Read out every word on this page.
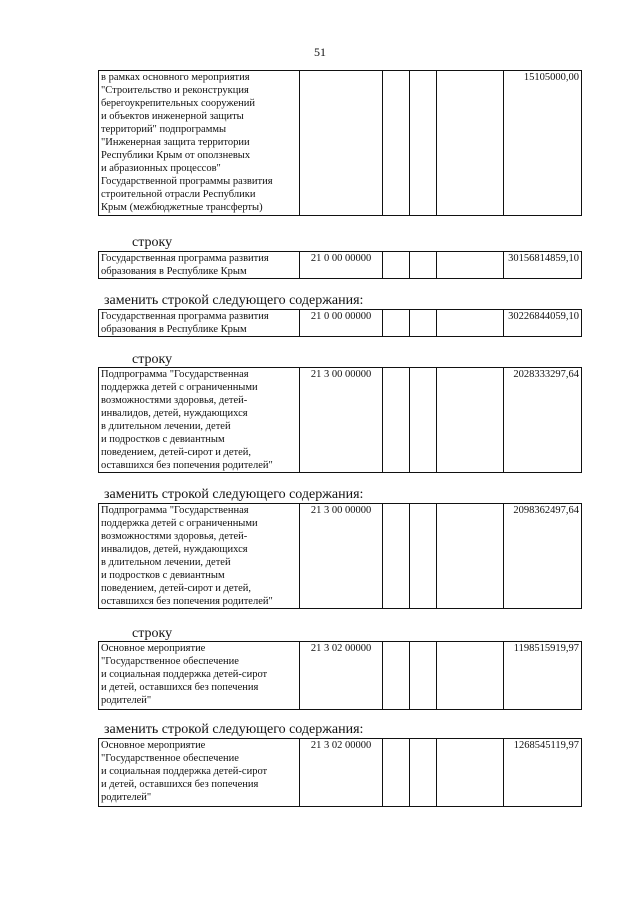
51
в рамках основного мероприятия
"Строительство и реконструкция
берегоукрепительных сооружений
и объектов инженерной защиты
территорий" подпрограммы
"Инженерная защита территории
Республики Крым от оползневых
и абразионных процессов"
Государственной программы развития
строительной отрасли Республики
Крым (межбюджетные трансферты)					15105000,00
строку
Государственная программа развития
образования в Республике Крым	21 0 00 00000				30156814859,10
заменить строкой следующего содержания:
Государственная программа развития
образования в Республике Крым	21 0 00 00000				30226844059,10
строку
Подпрограмма "Государственная
поддержка детей с ограниченными
возможностями здоровья, детей-
инвалидов, детей, нуждающихся
в длительном лечении, детей
и подростков с девиантным
поведением, детей-сирот и детей,
оставшихся без попечения родителей"	21 3 00 00000				2028333297,64
заменить строкой следующего содержания:
Подпрограмма "Государственная
поддержка детей с ограниченными
возможностями здоровья, детей-
инвалидов, детей, нуждающихся
в длительном лечении, детей
и подростков с девиантным
поведением, детей-сирот и детей,
оставшихся без попечения родителей"	21 3 00 00000				2098362497,64
строку
Основное мероприятие
"Государственное обеспечение
и социальная поддержка детей-сирот
и детей, оставшихся без попечения
родителей"	21 3 02 00000				1198515919,97
заменить строкой следующего содержания:
Основное мероприятие
"Государственное обеспечение
и социальная поддержка детей-сирот
и детей, оставшихся без попечения
родителей"	21 3 02 00000				1268545119,97
